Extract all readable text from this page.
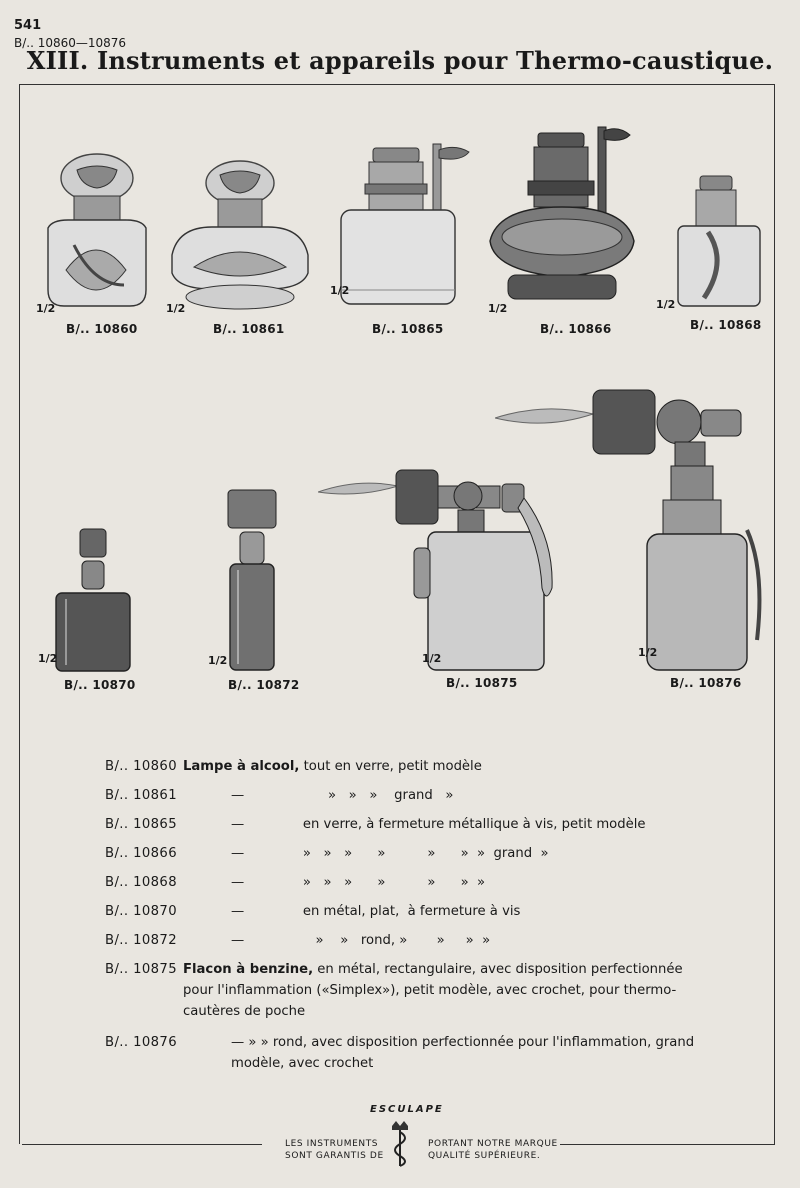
541
B/.. 10860—10876
XIII. Instruments et appareils pour Thermo-caustique.
1/2	1/2
1/2
1/2	1/2
B/.. 10860	B/.. 10861	B/.. 10865	B/.. 10866	B/.. 10868
1/2	1/2	1/2	1/2
B/.. 10870	B/.. 10872	B/.. 10875	B/.. 10876
B/.. 10860 Lampe à alcool, tout en verre, petit modèle
B/.. 10861	—                    »   »   »    grand   »
B/.. 10865	—              en verre, à fermeture métallique à vis, petit modèle
B/.. 10866	—              »   »   »      »          »      »  »  grand  »
B/.. 10868	—              »   »   »      »          »      »  »
B/.. 10870	—              en métal, plat,  à fermeture à vis
B/.. 10872	—                 »    »   rond, »       »     »  »
B/.. 10875 Flacon à benzine, en métal, rectangulaire, avec disposition perfectionnée pour l'inflammation («Simplex»), petit modèle, avec crochet, pour thermo-cautères de poche
B/.. 10876	— » » rond, avec disposition perfectionnée pour l'inflammation, grand modèle, avec crochet
ESCULAPE
LES INSTRUMENTS
SONT GARANTIS DE
PORTANT NOTRE MARQUE
QUALITÉ SUPÉRIEURE.
